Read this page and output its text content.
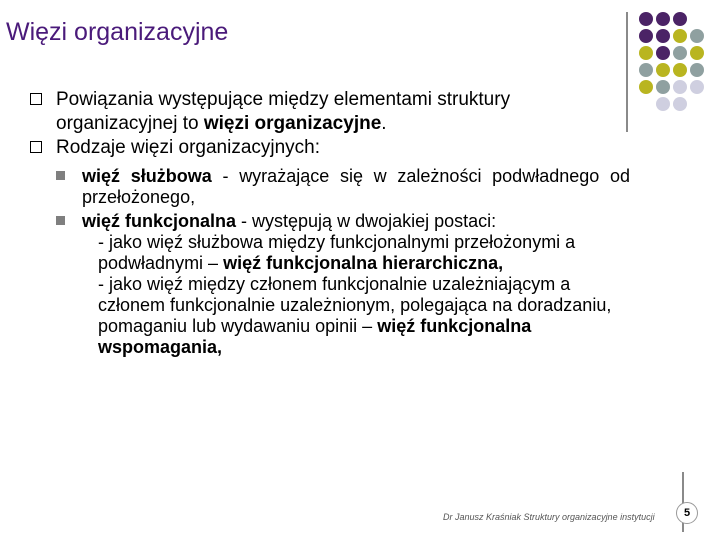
Więzi organizacyjne

Powiązania występujące między elementami struktury organizacyjnej to więzi organizacyjne.

Rodzaje więzi organizacyjnych:

więź służbowa - wyrażające się w zależności podwładnego od przełożonego,
więź funkcjonalna - występują w dwojakiej postaci:
- jako więź służbowa między funkcjonalnymi przełożonymi a podwładnymi – więź funkcjonalna hierarchiczna,
- jako więź między członem funkcjonalnie uzależniającym a członem funkcjonalnie uzależnionym, polegająca na doradzaniu, pomaganiu lub wydawaniu opinii – więź funkcjonalna wspomagania,
Dr Janusz Kraśniak Struktury organizacyjne instytucji	5
